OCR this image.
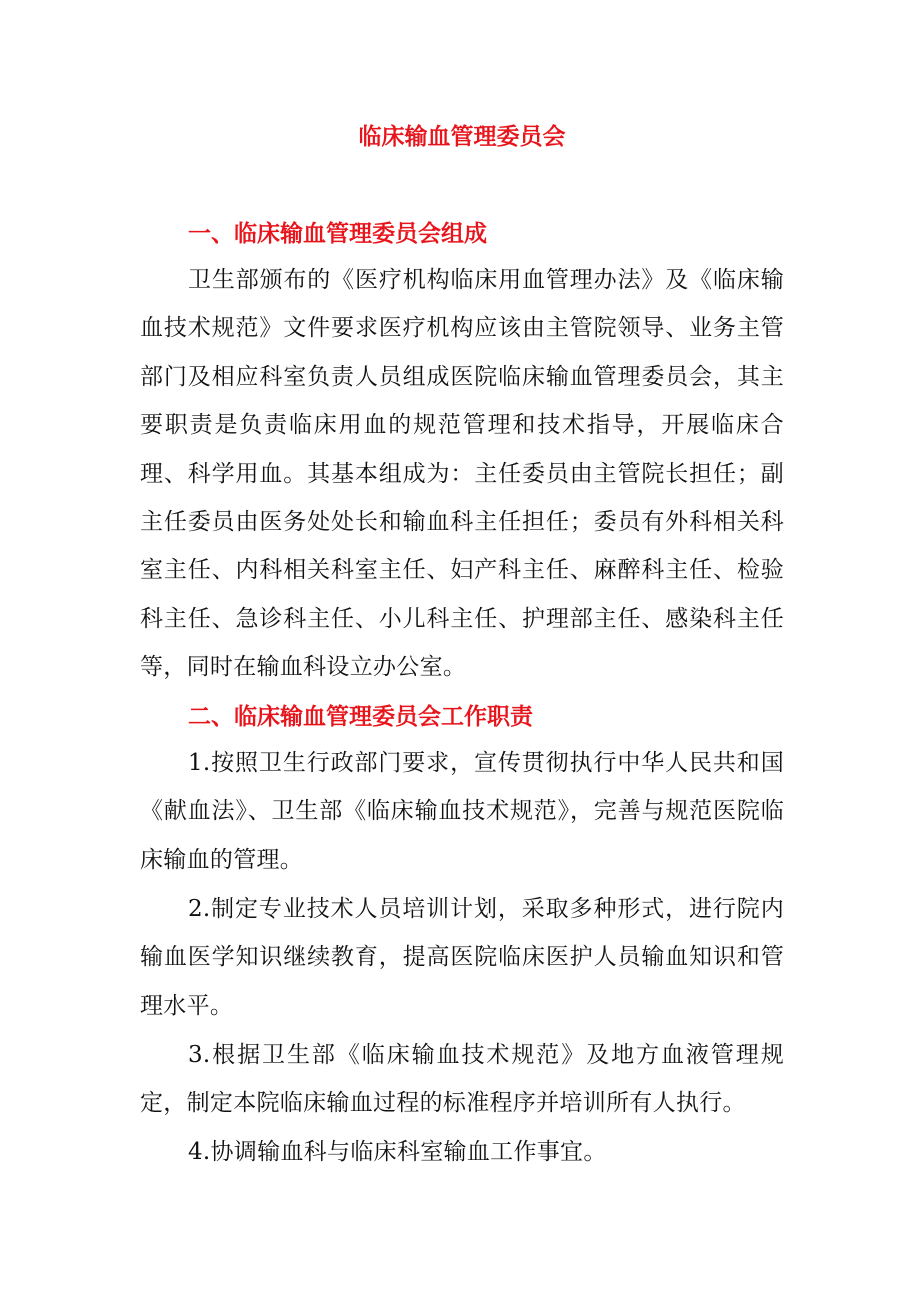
临床输血管理委员会
一、临床输血管理委员会组成

卫生部颁布的《医疗机构临床用血管理办法》及《临床输血技术规范》文件要求医疗机构应该由主管院领导、业务主管部门及相应科室负责人员组成医院临床输血管理委员会，其主要职责是负责临床用血的规范管理和技术指导，开展临床合理、科学用血。其基本组成为：主任委员由主管院长担任；副主任委员由医务处处长和输血科主任担任；委员有外科相关科室主任、内科相关科室主任、妇产科主任、麻醉科主任、检验科主任、急诊科主任、小儿科主任、护理部主任、感染科主任等，同时在输血科设立办公室。

二、临床输血管理委员会工作职责

1.按照卫生行政部门要求，宣传贯彻执行中华人民共和国《献血法》、卫生部《临床输血技术规范》，完善与规范医院临床输血的管理。

2.制定专业技术人员培训计划，采取多种形式，进行院内输血医学知识继续教育，提高医院临床医护人员输血知识和管理水平。

3.根据卫生部《临床输血技术规范》及地方血液管理规定，制定本院临床输血过程的标准程序并培训所有人执行。

4.协调输血科与临床科室输血工作事宜。
